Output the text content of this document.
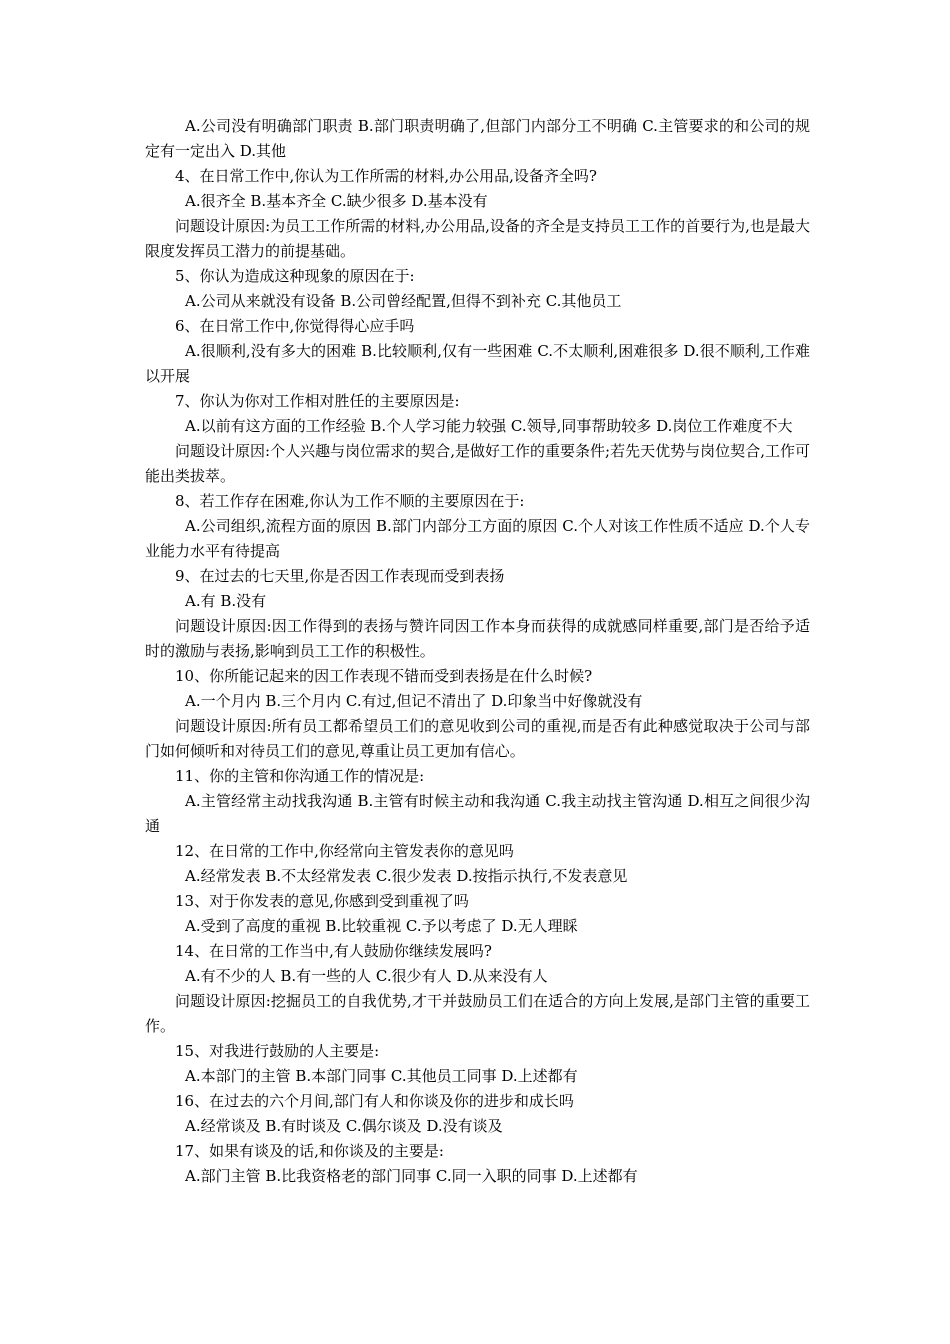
A.公司没有明确部门职责 B.部门职责明确了,但部门内部分工不明确 C.主管要求的和公司的规定有一定出入 D.其他

4、在日常工作中,你认为工作所需的材料,办公用品,设备齐全吗?

A.很齐全 B.基本齐全 C.缺少很多 D.基本没有

问题设计原因:为员工工作所需的材料,办公用品,设备的齐全是支持员工工作的首要行为,也是最大限度发挥员工潜力的前提基础。

5、你认为造成这种现象的原因在于:

A.公司从来就没有设备 B.公司曾经配置,但得不到补充 C.其他员工

6、在日常工作中,你觉得得心应手吗

A.很顺利,没有多大的困难 B.比较顺利,仅有一些困难 C.不太顺利,困难很多 D.很不顺利,工作难以开展

7、你认为你对工作相对胜任的主要原因是:

A.以前有这方面的工作经验 B.个人学习能力较强 C.领导,同事帮助较多 D.岗位工作难度不大

问题设计原因:个人兴趣与岗位需求的契合,是做好工作的重要条件;若先天优势与岗位契合,工作可能出类拔萃。

8、若工作存在困难,你认为工作不顺的主要原因在于:

A.公司组织,流程方面的原因 B.部门内部分工方面的原因 C.个人对该工作性质不适应 D.个人专业能力水平有待提高

9、在过去的七天里,你是否因工作表现而受到表扬

A.有 B.没有

问题设计原因:因工作得到的表扬与赞许同因工作本身而获得的成就感同样重要,部门是否给予适时的激励与表扬,影响到员工工作的积极性。

10、你所能记起来的因工作表现不错而受到表扬是在什么时候?

A.一个月内 B.三个月内 C.有过,但记不清出了 D.印象当中好像就没有

问题设计原因:所有员工都希望员工们的意见收到公司的重视,而是否有此种感觉取决于公司与部门如何倾听和对待员工们的意见,尊重让员工更加有信心。

11、你的主管和你沟通工作的情况是:

A.主管经常主动找我沟通 B.主管有时候主动和我沟通 C.我主动找主管沟通 D.相互之间很少沟通

12、在日常的工作中,你经常向主管发表你的意见吗

A.经常发表 B.不太经常发表 C.很少发表 D.按指示执行,不发表意见

13、对于你发表的意见,你感到受到重视了吗

A.受到了高度的重视 B.比较重视 C.予以考虑了 D.无人理睬

14、在日常的工作当中,有人鼓励你继续发展吗?

A.有不少的人 B.有一些的人 C.很少有人 D.从来没有人

问题设计原因:挖掘员工的自我优势,才干并鼓励员工们在适合的方向上发展,是部门主管的重要工作。

15、对我进行鼓励的人主要是:

A.本部门的主管 B.本部门同事 C.其他员工同事 D.上述都有

16、在过去的六个月间,部门有人和你谈及你的进步和成长吗

A.经常谈及 B.有时谈及 C.偶尔谈及 D.没有谈及

17、如果有谈及的话,和你谈及的主要是:

A.部门主管 B.比我资格老的部门同事 C.同一入职的同事 D.上述都有
